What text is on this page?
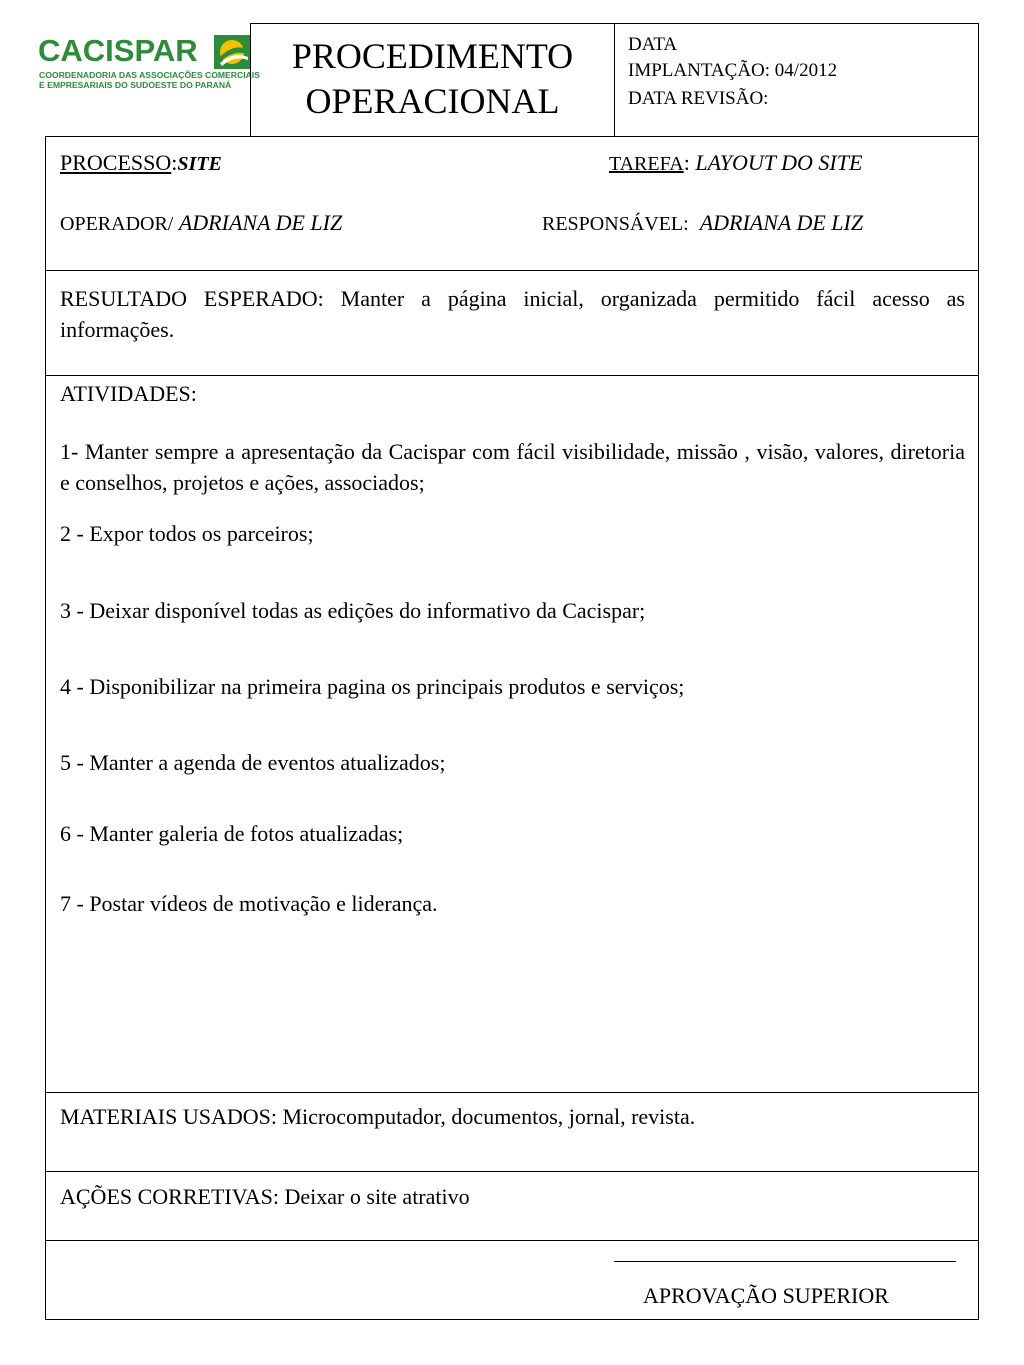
CACISPAR
COORDENADORIA DAS ASSOCIAÇÕES COMERCIAIS
E EMPRESARIAIS DO SUDOESTE DO PARANÁ
PROCEDIMENTO
OPERACIONAL
DATA
IMPLANTAÇÃO: 04/2012
DATA REVISÃO:
PROCESSO:SITE	TAREFA: LAYOUT DO SITE
OPERADOR/ ADRIANA DE LIZ	RESPONSÁVEL: ADRIANA DE LIZ
RESULTADO ESPERADO: Manter a página inicial, organizada permitido fácil acesso as informações.
ATIVIDADES:
1- Manter sempre a apresentação da Cacispar com fácil visibilidade, missão , visão, valores, diretoria e conselhos, projetos e ações, associados;
2 - Expor todos os parceiros;
3 - Deixar disponível todas as edições do informativo da Cacispar;
4 - Disponibilizar na primeira pagina os principais produtos e serviços;
5 - Manter a agenda de eventos atualizados;
6 - Manter galeria de fotos atualizadas;
7 - Postar vídeos de motivação e liderança.
MATERIAIS USADOS: Microcomputador, documentos, jornal, revista.
AÇÕES CORRETIVAS: Deixar o site atrativo
APROVAÇÃO SUPERIOR
